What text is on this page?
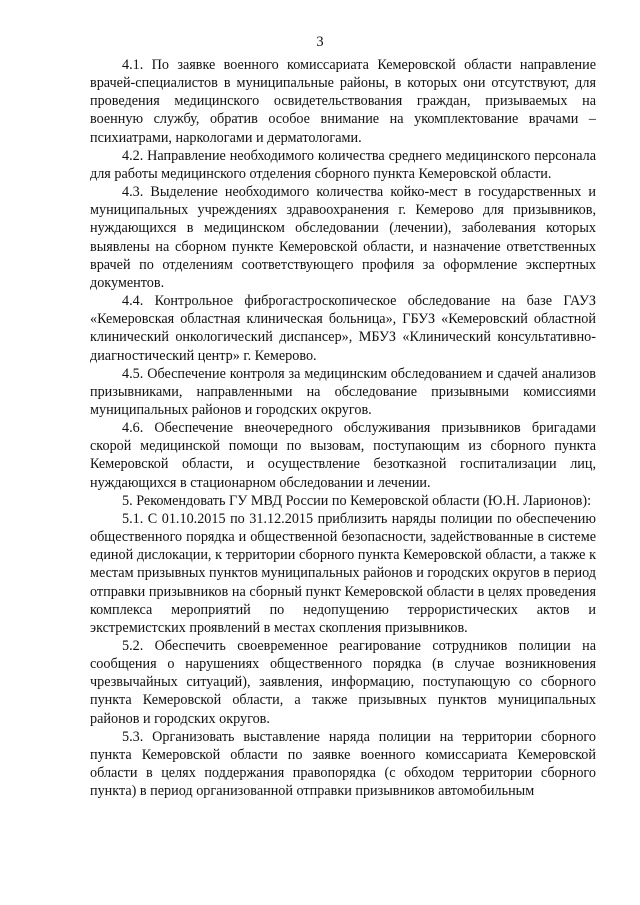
3

4.1. По заявке военного комиссариата Кемеровской области направление врачей-специалистов в муниципальные районы, в которых они отсутствуют, для проведения медицинского освидетельствования граждан, призываемых на военную службу, обратив особое внимание на укомплектование врачами – психиатрами, наркологами и дерматологами.

4.2. Направление необходимого количества среднего медицинского персонала для работы медицинского отделения сборного пункта Кемеровской области.

4.3. Выделение необходимого количества койко-мест в государственных и муниципальных учреждениях здравоохранения г. Кемерово для призывников, нуждающихся в медицинском обследовании (лечении), заболевания которых выявлены на сборном пункте Кемеровской области, и назначение ответственных врачей по отделениям соответствующего профиля за оформление экспертных документов.

4.4. Контрольное фиброгастроскопическое обследование на базе ГАУЗ «Кемеровская областная клиническая больница», ГБУЗ «Кемеровский областной клинический онкологический диспансер», МБУЗ «Клинический консультативно-диагностический центр» г. Кемерово.

4.5. Обеспечение контроля за медицинским обследованием и сдачей анализов призывниками, направленными на обследование призывными комиссиями муниципальных районов и городских округов.

4.6. Обеспечение внеочередного обслуживания призывников бригадами скорой медицинской помощи по вызовам, поступающим из сборного пункта Кемеровской области, и осуществление безотказной госпитализации лиц, нуждающихся в стационарном обследовании и лечении.

5. Рекомендовать ГУ МВД России по Кемеровской области (Ю.Н. Ларионов):

5.1. С 01.10.2015 по 31.12.2015 приблизить наряды полиции по обеспечению общественного порядка и общественной безопасности, задействованные в системе единой дислокации, к территории сборного пункта Кемеровской области, а также к местам призывных пунктов муниципальных районов и городских округов в период отправки призывников на сборный пункт Кемеровской области в целях проведения комплекса мероприятий по недопущению террористических актов и экстремистских проявлений в местах скопления призывников.

5.2. Обеспечить своевременное реагирование сотрудников полиции на сообщения о нарушениях общественного порядка (в случае возникновения чрезвычайных ситуаций), заявления, информацию, поступающую со сборного пункта Кемеровской области, а также призывных пунктов муниципальных районов и городских округов.

5.3. Организовать выставление наряда полиции на территории сборного пункта Кемеровской области по заявке военного комиссариата Кемеровской области в целях поддержания правопорядка (с обходом территории сборного пункта) в период организованной отправки призывников автомобильным
